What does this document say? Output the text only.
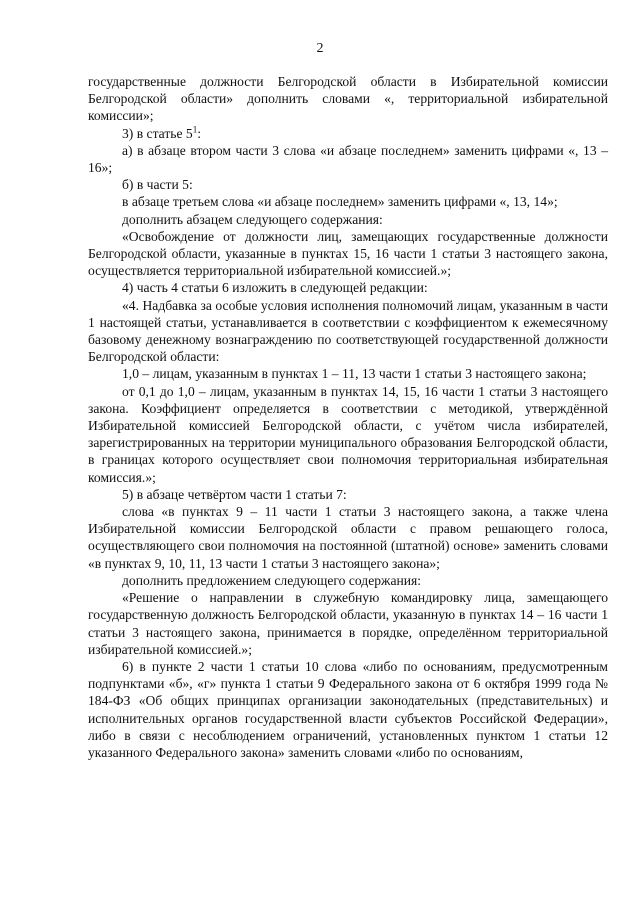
2

государственные должности Белгородской области в Избирательной комиссии Белгородской области» дополнить словами «, территориальной избирательной комиссии»;

3) в статье $5^1$:

а) в абзаце втором части 3 слова «и абзаце последнем» заменить цифрами «, 13 – 16»;

б) в части 5:

в абзаце третьем слова «и абзаце последнем» заменить цифрами «, 13, 14»;

дополнить абзацем следующего содержания:

«Освобождение от должности лиц, замещающих государственные должности Белгородской области, указанные в пунктах 15, 16 части 1 статьи 3 настоящего закона, осуществляется территориальной избирательной комиссией.»;

4) часть 4 статьи 6 изложить в следующей редакции:

«4. Надбавка за особые условия исполнения полномочий лицам, указанным в части 1 настоящей статьи, устанавливается в соответствии с коэффициентом к ежемесячному базовому денежному вознаграждению по соответствующей государственной должности Белгородской области:

1,0 – лицам, указанным в пунктах 1 – 11, 13 части 1 статьи 3 настоящего закона;

от 0,1 до 1,0 – лицам, указанным в пунктах 14, 15, 16 части 1 статьи 3 настоящего закона. Коэффициент определяется в соответствии с методикой, утверждённой Избирательной комиссией Белгородской области, с учётом числа избирателей, зарегистрированных на территории муниципального образования Белгородской области, в границах которого осуществляет свои полномочия территориальная избирательная комиссия.»;

5) в абзаце четвёртом части 1 статьи 7:

слова «в пунктах 9 – 11 части 1 статьи 3 настоящего закона, а также члена Избирательной комиссии Белгородской области с правом решающего голоса, осуществляющего свои полномочия на постоянной (штатной) основе» заменить словами «в пунктах 9, 10, 11, 13 части 1 статьи 3 настоящего закона»;

дополнить предложением следующего содержания:

«Решение о направлении в служебную командировку лица, замещающего государственную должность Белгородской области, указанную в пунктах 14 – 16 части 1 статьи 3 настоящего закона, принимается в порядке, определённом территориальной избирательной комиссией.»;

6) в пункте 2 части 1 статьи 10 слова «либо по основаниям, предусмотренным подпунктами «б», «г» пункта 1 статьи 9 Федерального закона от 6 октября 1999 года № 184-ФЗ «Об общих принципах организации законодательных (представительных) и исполнительных органов государственной власти субъектов Российской Федерации», либо в связи с несоблюдением ограничений, установленных пунктом 1 статьи 12 указанного Федерального закона» заменить словами «либо по основаниям,
